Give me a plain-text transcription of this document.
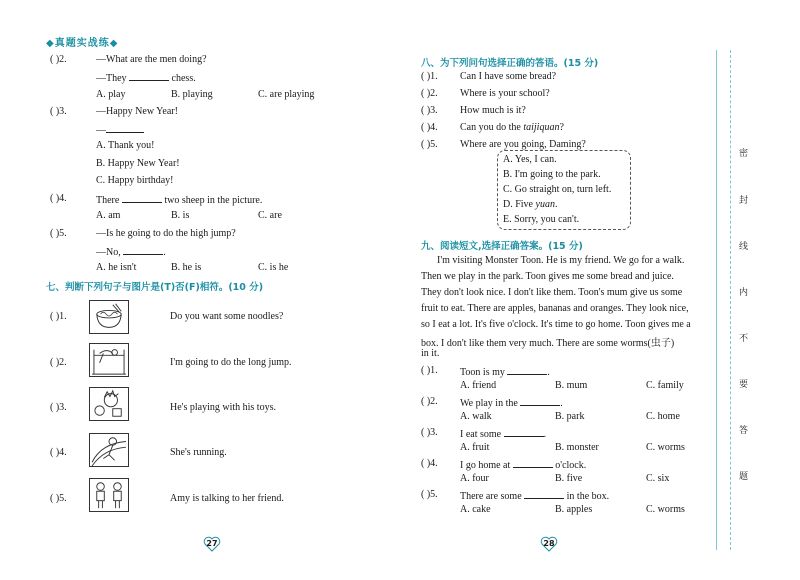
◆真题实战练◆
( )2.	—What are the men doing?
—They	chess.
A. play	B. playing	C. are playing
( )3.	—Happy New Year!
—
A. Thank you!
B. Happy New Year!
C. Happy birthday!
( )4.	There	two sheep in the picture.
A. am	B. is	C. are
( )5.	—Is he going to do the high jump?
—No,	.
A. he isn't	B. he is	C. is he
七、判断下列句子与图片是(T)否(F)相符。(10 分)
( )1.	Do you want some noodles?
( )2.	I'm going to do the long jump.
( )3.	He's playing with his toys.
( )4.	She's running.
( )5.	Amy is talking to her friend.
27
八、为下列问句选择正确的答语。(15 分)
( )1. Can I have some bread?
( )2. Where is your school?
( )3. How much is it?
( )4. Can you do the taijiquan?
( )5. Where are you going, Daming?
A. Yes, I can.
B. I'm going to the park.
C. Go straight on, turn left.
D. Five yuan.
E. Sorry, you can't.
九、阅读短文,选择正确答案。(15 分)
I'm visiting Monster Toon. He is my friend. We go for a walk.
Then we play in the park. Toon gives me some bread and juice.
They don't look nice. I don't like them. Toon's mum give us some
fruit to eat. There are apples, bananas and oranges. They look nice,
so I eat a lot. It's five o'clock. It's time to go home. Toon gives me a
box. I don't like them very much. There are some worms(虫子)
in it.
( )1. Toon is my	.
A. friend	B. mum	C. family
( )2. We play in the	.
A. walk	B. park	C. home
( )3. I eat some	.
A. fruit	B. monster	C. worms
( )4. I go home at	o'clock.
A. four	B. five	C. six
( )5. There are some	in the box.
A. cake	B. apples	C. worms
28
密
封
线
内
不
要
答
题
